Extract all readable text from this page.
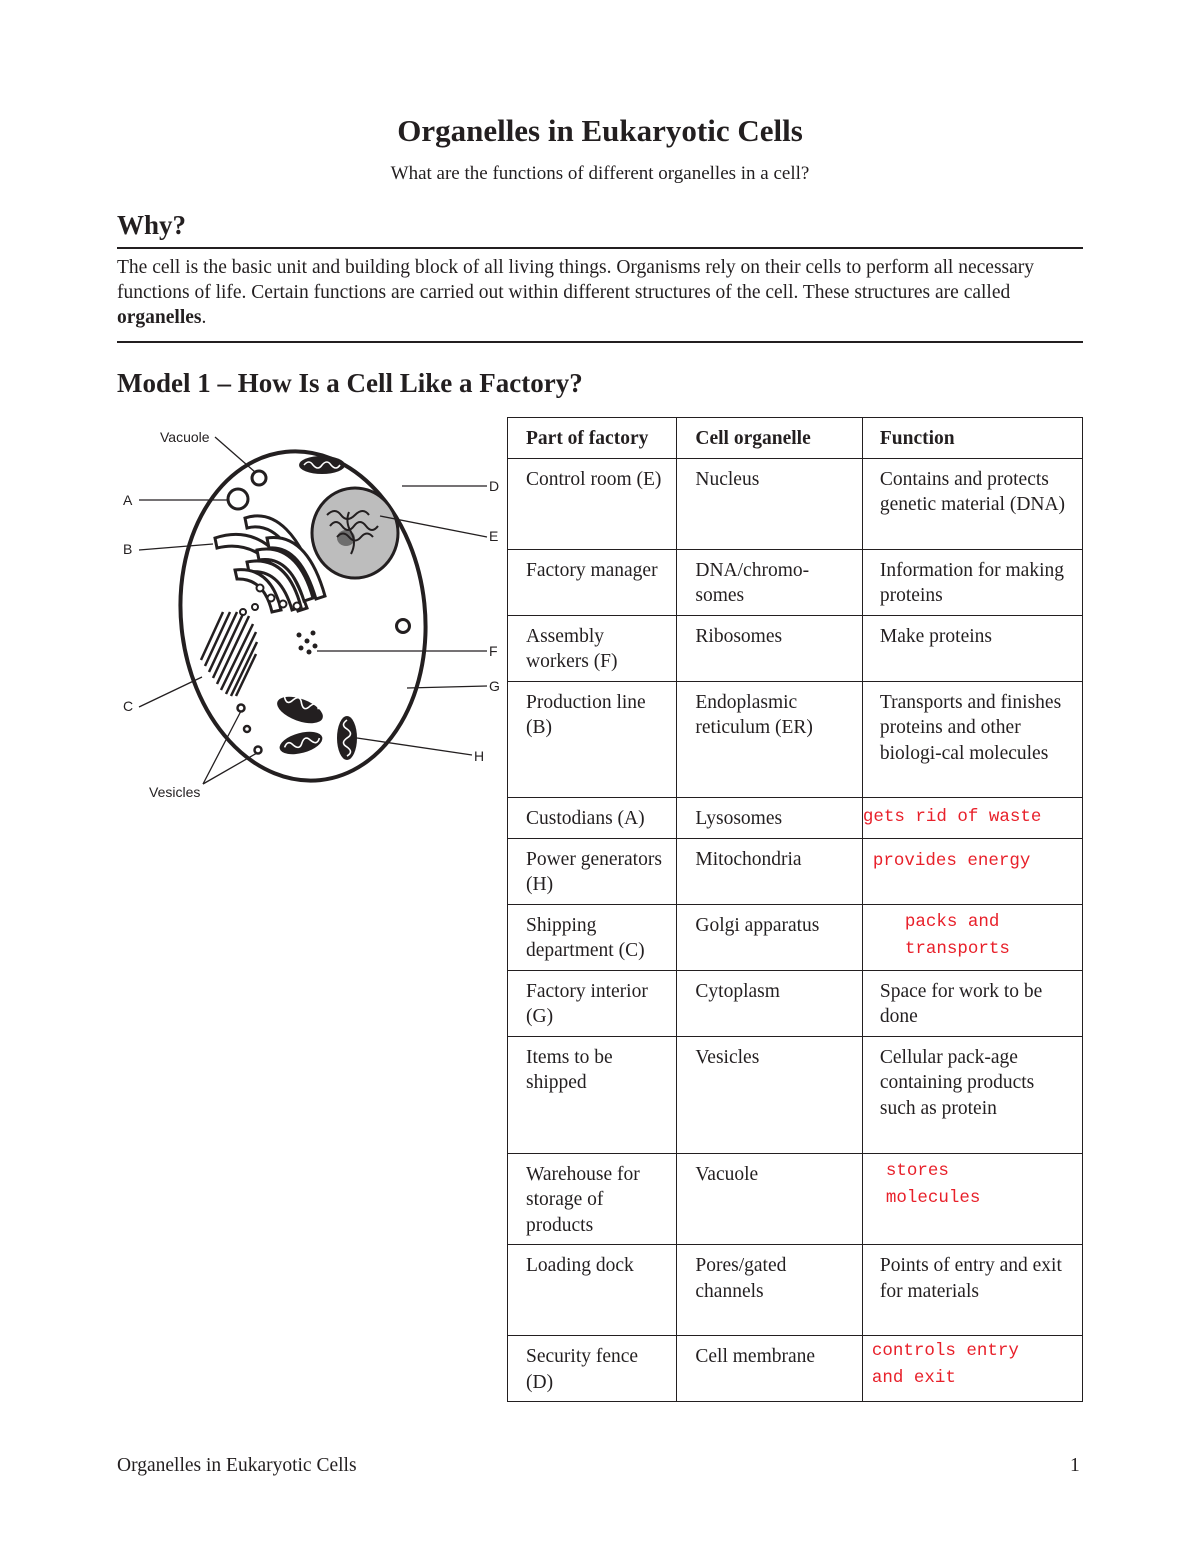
Organelles in Eukaryotic Cells
What are the functions of different organelles in a cell?
Why?
The cell is the basic unit and building block of all living things. Organisms rely on their cells to perform all necessary functions of life. Certain functions are carried out within different structures of the cell. These structures are called organelles.
Model 1 – How Is a Cell Like a Factory?
Vacuole
A
B
C
Vesicles
D
E
F
G
H
Part of factory	Cell organelle	Function
Control room (E)	Nucleus	Contains and protects genetic material (DNA)
Factory manager	DNA/chromo-somes	Information for making proteins
Assembly workers (F)	Ribosomes	Make proteins
Production line (B)	Endoplasmic reticulum (ER)	Transports and finishes proteins and other biologi-cal molecules
Custodians (A)	Lysosomes	gets rid of waste

Power generators (H)	Mitochondria	provides energy

Shipping department (C)	Golgi apparatus	packs and
transports

Factory interior (G)	Cytoplasm	Space for work to be done
Items to be shipped	Vesicles	Cellular pack-age containing products such as protein
Warehouse for storage of products	Vacuole	stores
molecules

Loading dock	Pores/gated channels	Points of entry and exit for materials
Security fence (D)	Cell membrane	controls entry
and exit
Organelles in Eukaryotic Cells	1
